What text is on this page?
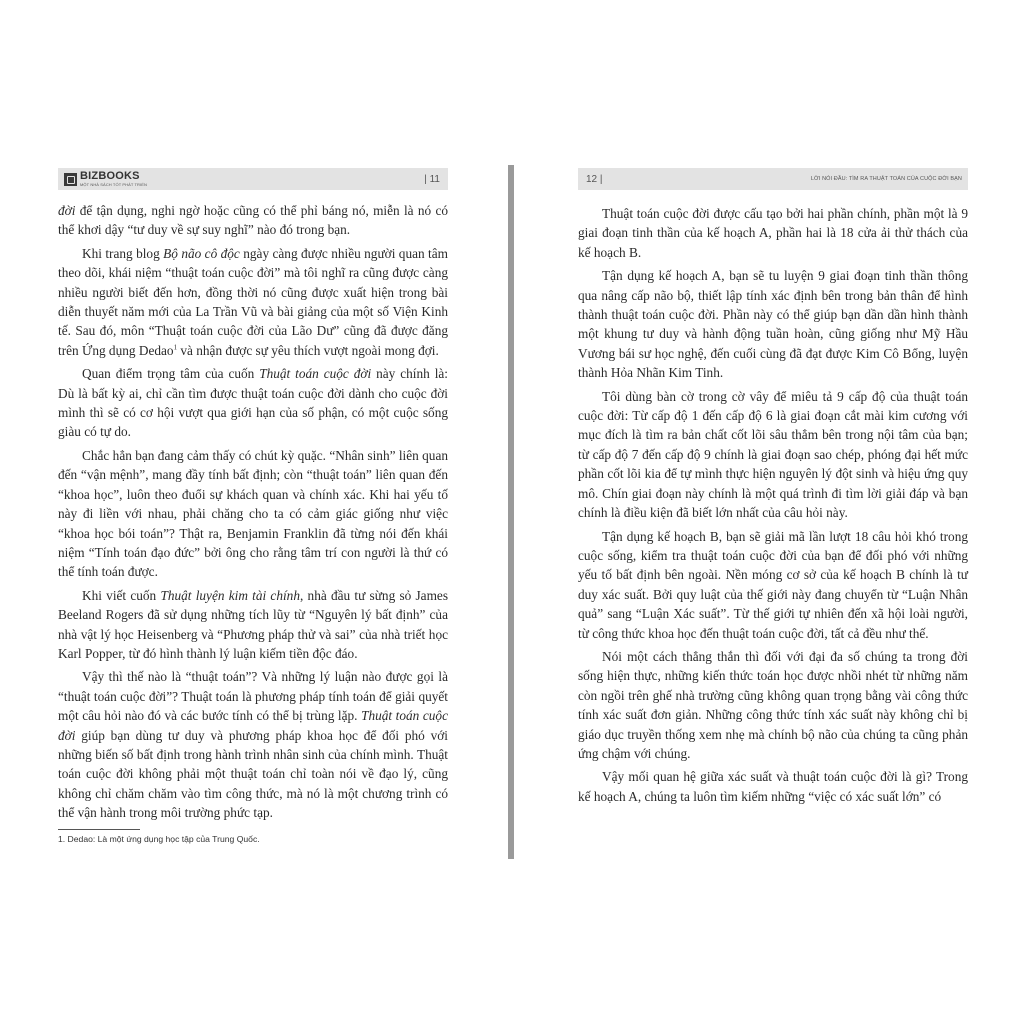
BIZBOOKS
MỘT NHÀ SÁCH TỐT PHÁT TRIỂN	| 11

đời để tận dụng, nghi ngờ hoặc cũng có thể phỉ báng nó, miễn là nó có thể khơi dậy “tư duy về sự suy nghĩ” nào đó trong bạn.

Khi trang blog Bộ não cô độc ngày càng được nhiều người quan tâm theo dõi, khái niệm “thuật toán cuộc đời” mà tôi nghĩ ra cũng được càng nhiều người biết đến hơn, đồng thời nó cũng được xuất hiện trong bài diễn thuyết năm mới của La Trần Vũ và bài giảng của một số Viện Kinh tế. Sau đó, môn “Thuật toán cuộc đời của Lão Dư” cũng đã được đăng trên Ứng dụng Dedao$^1$ và nhận được sự yêu thích vượt ngoài mong đợi.

Quan điểm trọng tâm của cuốn Thuật toán cuộc đời này chính là: Dù là bất kỳ ai, chỉ cần tìm được thuật toán cuộc đời dành cho cuộc đời mình thì sẽ có cơ hội vượt qua giới hạn của số phận, có một cuộc sống giàu có tự do.

Chắc hẳn bạn đang cảm thấy có chút kỳ quặc. “Nhân sinh” liên quan đến “vận mệnh”, mang đầy tính bất định; còn “thuật toán” liên quan đến “khoa học”, luôn theo đuổi sự khách quan và chính xác. Khi hai yếu tố này đi liền với nhau, phải chăng cho ta có cảm giác giống như việc “khoa học bói toán”? Thật ra, Benjamin Franklin đã từng nói đến khái niệm “Tính toán đạo đức” bởi ông cho rằng tâm trí con người là thứ có thể tính toán được.

Khi viết cuốn Thuật luyện kim tài chính, nhà đầu tư sừng sỏ James Beeland Rogers đã sử dụng những tích lũy từ “Nguyên lý bất định” của nhà vật lý học Heisenberg và “Phương pháp thử và sai” của nhà triết học Karl Popper, từ đó hình thành lý luận kiếm tiền độc đáo.

Vậy thì thế nào là “thuật toán”? Và những lý luận nào được gọi là “thuật toán cuộc đời”? Thuật toán là phương pháp tính toán để giải quyết một câu hỏi nào đó và các bước tính có thể bị trùng lặp. Thuật toán cuộc đời giúp bạn dùng tư duy và phương pháp khoa học để đối phó với những biến số bất định trong hành trình nhân sinh của chính mình. Thuật toán cuộc đời không phải một thuật toán chỉ toàn nói về đạo lý, cũng không chỉ chăm chăm vào tìm công thức, mà nó là một chương trình có thể vận hành trong môi trường phức tạp.

1. Dedao: Là một ứng dụng học tập của Trung Quốc.
12 |	LỜI NÓI ĐẦU: TÌM RA THUẬT TOÁN CỦA CUỘC ĐỜI BẠN

Thuật toán cuộc đời được cấu tạo bởi hai phần chính, phần một là 9 giai đoạn tinh thần của kế hoạch A, phần hai là 18 cửa ải thử thách của kế hoạch B.

Tận dụng kế hoạch A, bạn sẽ tu luyện 9 giai đoạn tinh thần thông qua nâng cấp não bộ, thiết lập tính xác định bên trong bản thân để hình thành thuật toán cuộc đời. Phần này có thể giúp bạn dần dần hình thành một khung tư duy và hành động tuần hoàn, cũng giống như Mỹ Hầu Vương bái sư học nghệ, đến cuối cùng đã đạt được Kim Cô Bổng, luyện thành Hỏa Nhãn Kim Tinh.

Tôi dùng bàn cờ trong cờ vây để miêu tả 9 cấp độ của thuật toán cuộc đời: Từ cấp độ 1 đến cấp độ 6 là giai đoạn cắt mài kim cương với mục đích là tìm ra bản chất cốt lõi sâu thẳm bên trong nội tâm của bạn; từ cấp độ 7 đến cấp độ 9 chính là giai đoạn sao chép, phóng đại hết mức phần cốt lõi kia để tự mình thực hiện nguyên lý đột sinh và hiệu ứng quy mô. Chín giai đoạn này chính là một quá trình đi tìm lời giải đáp và bạn chính là điều kiện đã biết lớn nhất của câu hỏi này.

Tận dụng kế hoạch B, bạn sẽ giải mã lần lượt 18 câu hỏi khó trong cuộc sống, kiểm tra thuật toán cuộc đời của bạn để đối phó với những yếu tố bất định bên ngoài. Nền móng cơ sở của kế hoạch B chính là tư duy xác suất. Bởi quy luật của thế giới này đang chuyển từ “Luận Nhân quả” sang “Luận Xác suất”. Từ thế giới tự nhiên đến xã hội loài người, từ công thức khoa học đến thuật toán cuộc đời, tất cả đều như thế.

Nói một cách thẳng thắn thì đối với đại đa số chúng ta trong đời sống hiện thực, những kiến thức toán học được nhồi nhét từ những năm còn ngồi trên ghế nhà trường cũng không quan trọng bằng vài công thức tính xác suất đơn giản. Những công thức tính xác suất này không chỉ bị giáo dục truyền thống xem nhẹ mà chính bộ não của chúng ta cũng phản ứng chậm với chúng.

Vậy mối quan hệ giữa xác suất và thuật toán cuộc đời là gì? Trong kế hoạch A, chúng ta luôn tìm kiếm những “việc có xác suất lớn” có
